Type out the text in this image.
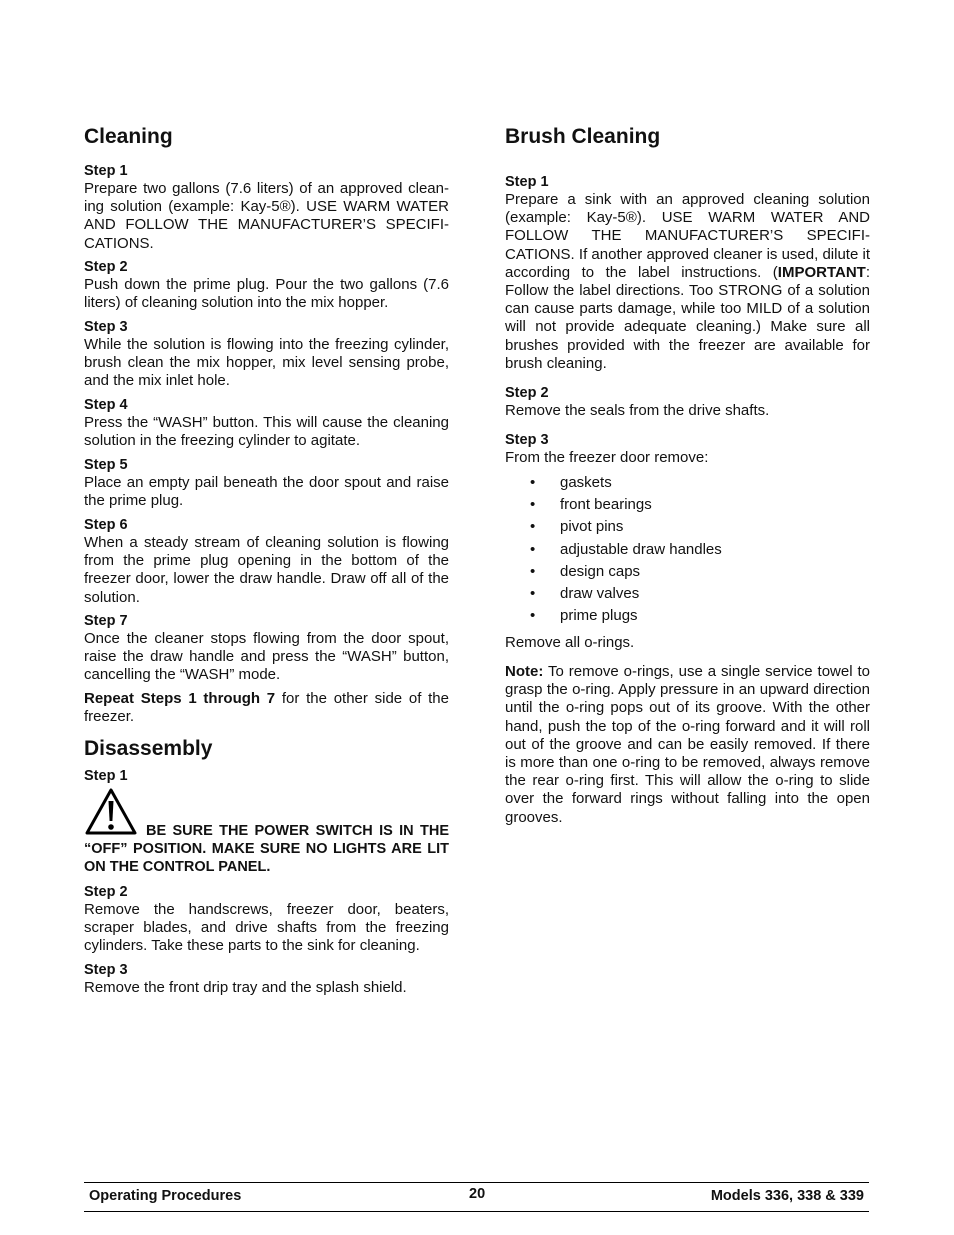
Cleaning

Step 1

Prepare two gallons (7.6 liters) of an approved cleaning solution (example: Kay-5®). USE WARM WATER AND FOLLOW THE MANUFACTURER’S SPECIFICATIONS.

Step 2

Push down the prime plug. Pour the two gallons (7.6 liters) of cleaning solution into the mix hopper.

Step 3

While the solution is flowing into the freezing cylinder, brush clean the mix hopper, mix level sensing probe, and the mix inlet hole.

Step 4

Press the “WASH” button. This will cause the cleaning solution in the freezing cylinder to agitate.

Step 5

Place an empty pail beneath the door spout and raise the prime plug.

Step 6

When a steady stream of cleaning solution is flowing from the prime plug opening in the bottom of the freezer door, lower the draw handle. Draw off all of the solution.

Step 7

Once the cleaner stops flowing from the door spout, raise the draw handle and press the “WASH” button, cancelling the “WASH” mode.

Repeat Steps 1 through 7 for the other side of the freezer.

Disassembly

Step 1

BE SURE THE POWER SWITCH IS IN THE “OFF” POSITION. MAKE SURE NO LIGHTS ARE LIT ON THE CONTROL PANEL.

Step 2

Remove the handscrews, freezer door, beaters, scraper blades, and drive shafts from the freezing cylinders. Take these parts to the sink for cleaning.

Step 3

Remove the front drip tray and the splash shield.

Brush Cleaning

Step 1

Prepare a sink with an approved cleaning solution (example: Kay-5®). USE WARM WATER AND FOLLOW THE MANUFACTURER’S SPECIFICATIONS. If another approved cleaner is used, dilute it according to the label instructions. (IMPORTANT: Follow the label directions. Too STRONG of a solution can cause parts damage, while too MILD of a solution will not provide adequate cleaning.) Make sure all brushes provided with the freezer are available for brush cleaning.

Step 2

Remove the seals from the drive shafts.

Step 3

From the freezer door remove:

• gaskets
• front bearings
• pivot pins
• adjustable draw handles
• design caps
• draw valves
• prime plugs

Remove all o-rings.

Note: To remove o-rings, use a single service towel to grasp the o-ring. Apply pressure in an upward direction until the o-ring pops out of its groove. With the other hand, push the top of the o-ring forward and it will roll out of the groove and can be easily removed. If there is more than one o-ring to be removed, always remove the rear o-ring first. This will allow the o-ring to slide over the forward rings without falling into the open grooves.

Operating Procedures	20	Models 336, 338 & 339
